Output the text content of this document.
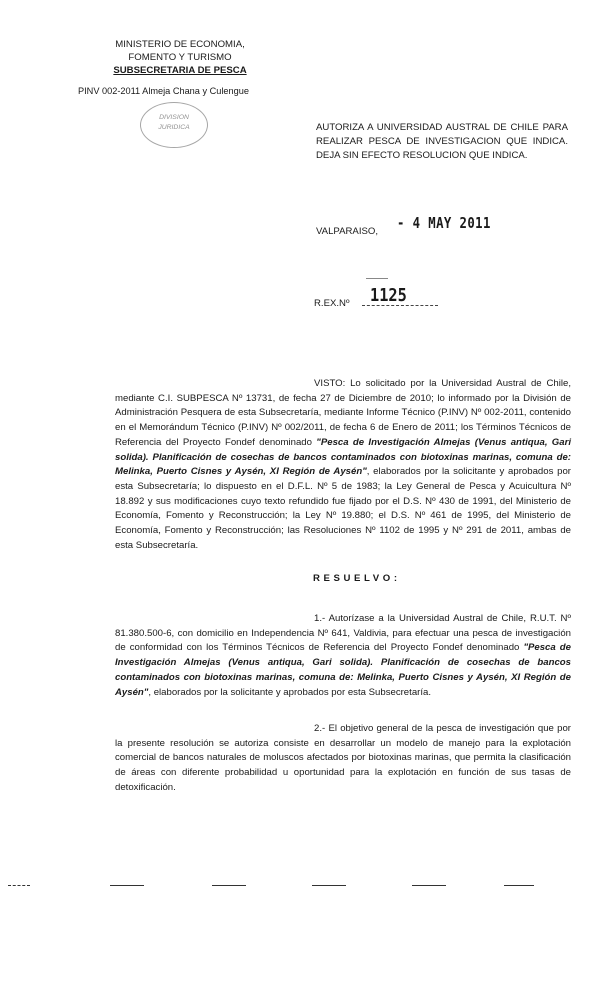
MINISTERIO DE ECONOMIA,
FOMENTO Y TURISMO
SUBSECRETARIA DE PESCA
PINV 002-2011 Almeja Chana y Culengue
DIVISION
JURIDICA	AUTORIZA A UNIVERSIDAD AUSTRAL DE CHILE PARA REALIZAR PESCA DE INVESTIGACION QUE INDICA. DEJA SIN EFECTO RESOLUCION QUE INDICA.
VALPARAISO, - 4 MAY 2011
R.EX.Nº 1125
VISTO: Lo solicitado por la Universidad Austral de Chile, mediante C.I. SUBPESCA Nº 13731, de fecha 27 de Diciembre de 2010; lo informado por la División de Administración Pesquera de esta Subsecretaría, mediante Informe Técnico (P.INV) Nº 002-2011, contenido en el Memorándum Técnico (P.INV) Nº 002/2011, de fecha 6 de Enero de 2011; los Términos Técnicos de Referencia del Proyecto Fondef denominado "Pesca de Investigación Almejas (Venus antiqua, Gari solida). Planificación de cosechas de bancos contaminados con biotoxinas marinas, comuna de: Melinka, Puerto Cisnes y Aysén, XI Región de Aysén", elaborados por la solicitante y aprobados por esta Subsecretaría; lo dispuesto en el D.F.L. Nº 5 de 1983; la Ley General de Pesca y Acuicultura Nº 18.892 y sus modificaciones cuyo texto refundido fue fijado por el D.S. Nº 430 de 1991, del Ministerio de Economía, Fomento y Reconstrucción; la Ley Nº 19.880; el D.S. Nº 461 de 1995, del Ministerio de Economía, Fomento y Reconstrucción; las Resoluciones Nº 1102 de 1995 y Nº 291 de 2011, ambas de esta Subsecretaría.
RESUELVO:
1.- Autorízase a la Universidad Austral de Chile, R.U.T. Nº 81.380.500-6, con domicilio en Independencia Nº 641, Valdivia, para efectuar una pesca de investigación de conformidad con los Términos Técnicos de Referencia del Proyecto Fondef denominado "Pesca de Investigación Almejas (Venus antiqua, Gari solida). Planificación de cosechas de bancos contaminados con biotoxinas marinas, comuna de: Melinka, Puerto Cisnes y Aysén, XI Región de Aysén", elaborados por la solicitante y aprobados por esta Subsecretaría.
2.- El objetivo general de la pesca de investigación que por la presente resolución se autoriza consiste en desarrollar un modelo de manejo para la explotación comercial de bancos naturales de moluscos afectados por biotoxinas marinas, que permita la clasificación de áreas con diferente probabilidad u oportunidad para la explotación en función de sus tasas de detoxificación.
